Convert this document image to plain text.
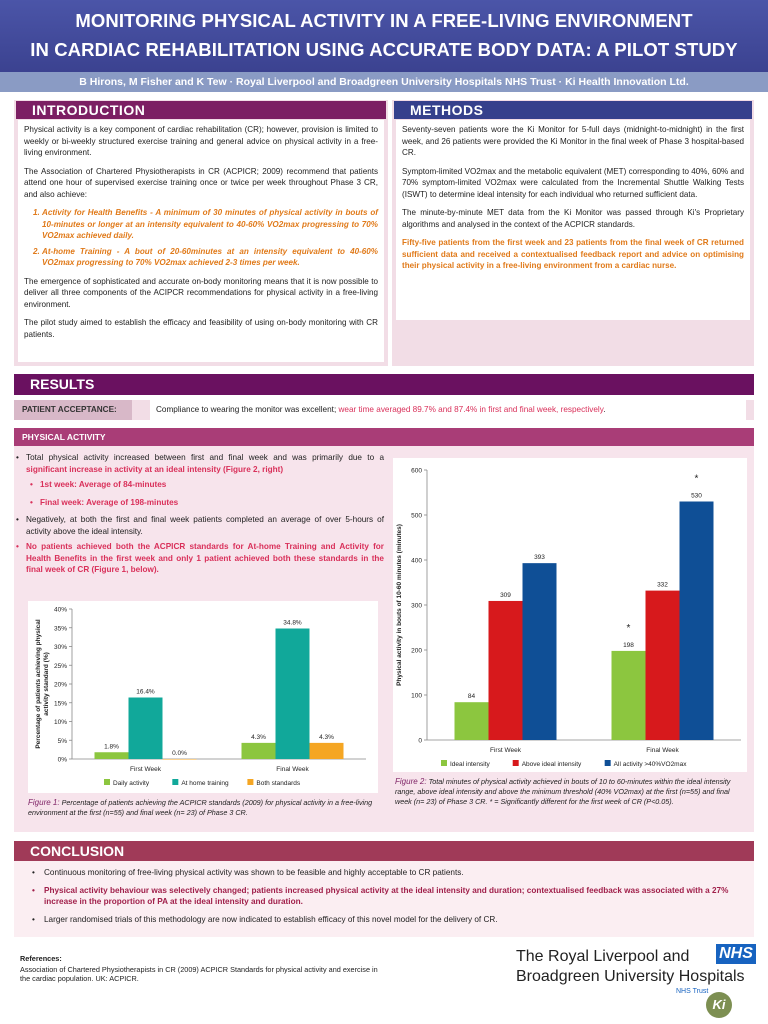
MONITORING PHYSICAL ACTIVITY IN A FREE-LIVING ENVIRONMENT
IN CARDIAC REHABILITATION USING ACCURATE BODY DATA: A PILOT STUDY
B Hirons, M Fisher and K Tew · Royal Liverpool and Broadgreen University Hospitals NHS Trust · Ki Health Innovation Ltd.
INTRODUCTION

Physical activity is a key component of cardiac rehabilitation (CR); however, provision is limited to weekly or bi-weekly structured exercise training and general advice on physical activity in a free-living environment.

The Association of Chartered Physiotherapists in CR (ACPICR; 2009) recommend that patients attend one hour of supervised exercise training once or twice per week throughout Phase 3 CR, and also achieve:

1. Activity for Health Benefits - A minimum of 30 minutes of physical activity in bouts of 10-minutes or longer at an intensity equivalent to 40-60% VO2max progressing to 70% VO2max achieved daily.
2. At-home Training - A bout of 20-60minutes at an intensity equivalent to 40-60% VO2max progressing to 70% VO2max achieved 2-3 times per week.

The emergence of sophisticated and accurate on-body monitoring means that it is now possible to deliver all three components of the ACIPCR recommendations for physical activity in a free-living environment.

The pilot study aimed to establish the efficacy and feasibility of using on-body monitoring with CR patients.

METHODS

Seventy-seven patients wore the Ki Monitor for 5-full days (midnight-to-midnight) in the first week, and 26 patients were provided the Ki Monitor in the final week of Phase 3 hospital-based CR.

Symptom-limited VO2max and the metabolic equivalent (MET) corresponding to 40%, 60% and 70% symptom-limited VO2max were calculated from the Incremental Shuttle Walking Tests (ISWT) to determine ideal intensity for each individual who returned sufficient data.

The minute-by-minute MET data from the Ki Monitor was passed through Ki's Proprietary algorithms and analysed in the context of the ACPICR standards.

Fifty-five patients from the first week and 23 patients from the final week of CR returned sufficient data and received a contextualised feedback report and advice on optimising their physical activity in a free-living environment from a cardiac nurse.

RESULTS
PATIENT ACCEPTANCE:	Compliance to wearing the monitor was excellent; wear time averaged 89.7% and 87.4% in first and final week, respectively.
PHYSICAL ACTIVITY
• Total physical activity increased between first and final week and was primarily due to a significant increase in activity at an ideal intensity (Figure 2, right)
• 1st week: Average of 84-minutes
• Final week: Average of 198-minutes
• Negatively, at both the first and final week patients completed an average of over 5-hours of activity above the ideal intensity.
• No patients achieved both the ACPICR standards for At-home Training and Activity for Health Benefits in the first week and only 1 patient achieved both these standards in the final week of CR (Figure 1, below).
0%
5%
10%
15%
20%
25%
30%
35%
40%
Percentage of patients achieving physical activity standard (%)
First Week
1.8%
16.4%
0.0%
Final Week
4.3%
34.8%
4.3%
Daily activity	At home training	Both standards
Figure 1: Percentage of patients achieving the ACPICR standards (2009) for physical activity in a free-living environment at the first (n=55) and final week (n= 23) of Phase 3 CR.
0
100
200
300
400
500
600
Physical activity in bouts of 10-60 minutes (minutes)
First Week
84
309
393
Final Week
198
*
332
530
*
Ideal intensity	Above ideal intensity	All activity >40%VO2max
Figure 2: Total minutes of physical activity achieved in bouts of 10 to 60-minutes within the ideal intensity range, above ideal intensity and above the minimum threshold (40% VO2max) at the first (n=55) and final week (n= 23) of Phase 3 CR. * = Significantly different for the first week of CR (P<0.05).
CONCLUSION
• Continuous monitoring of free-living physical activity was shown to be feasible and highly acceptable to CR patients.
• Physical activity behaviour was selectively changed; patients increased physical activity at the ideal intensity and duration; contextualised feedback was associated with a 27% increase in the proportion of PA at the ideal intensity and duration.
• Larger randomised trials of this methodology are now indicated to establish efficacy of this novel model for the delivery of CR.
References:
Association of Chartered Physiotherapists in CR (2009) ACPICR Standards for physical activity and exercise in the cardiac population. UK: ACPICR.
The Royal Liverpool and
Broadgreen University Hospitals
NHS
NHS Trust
Ki
